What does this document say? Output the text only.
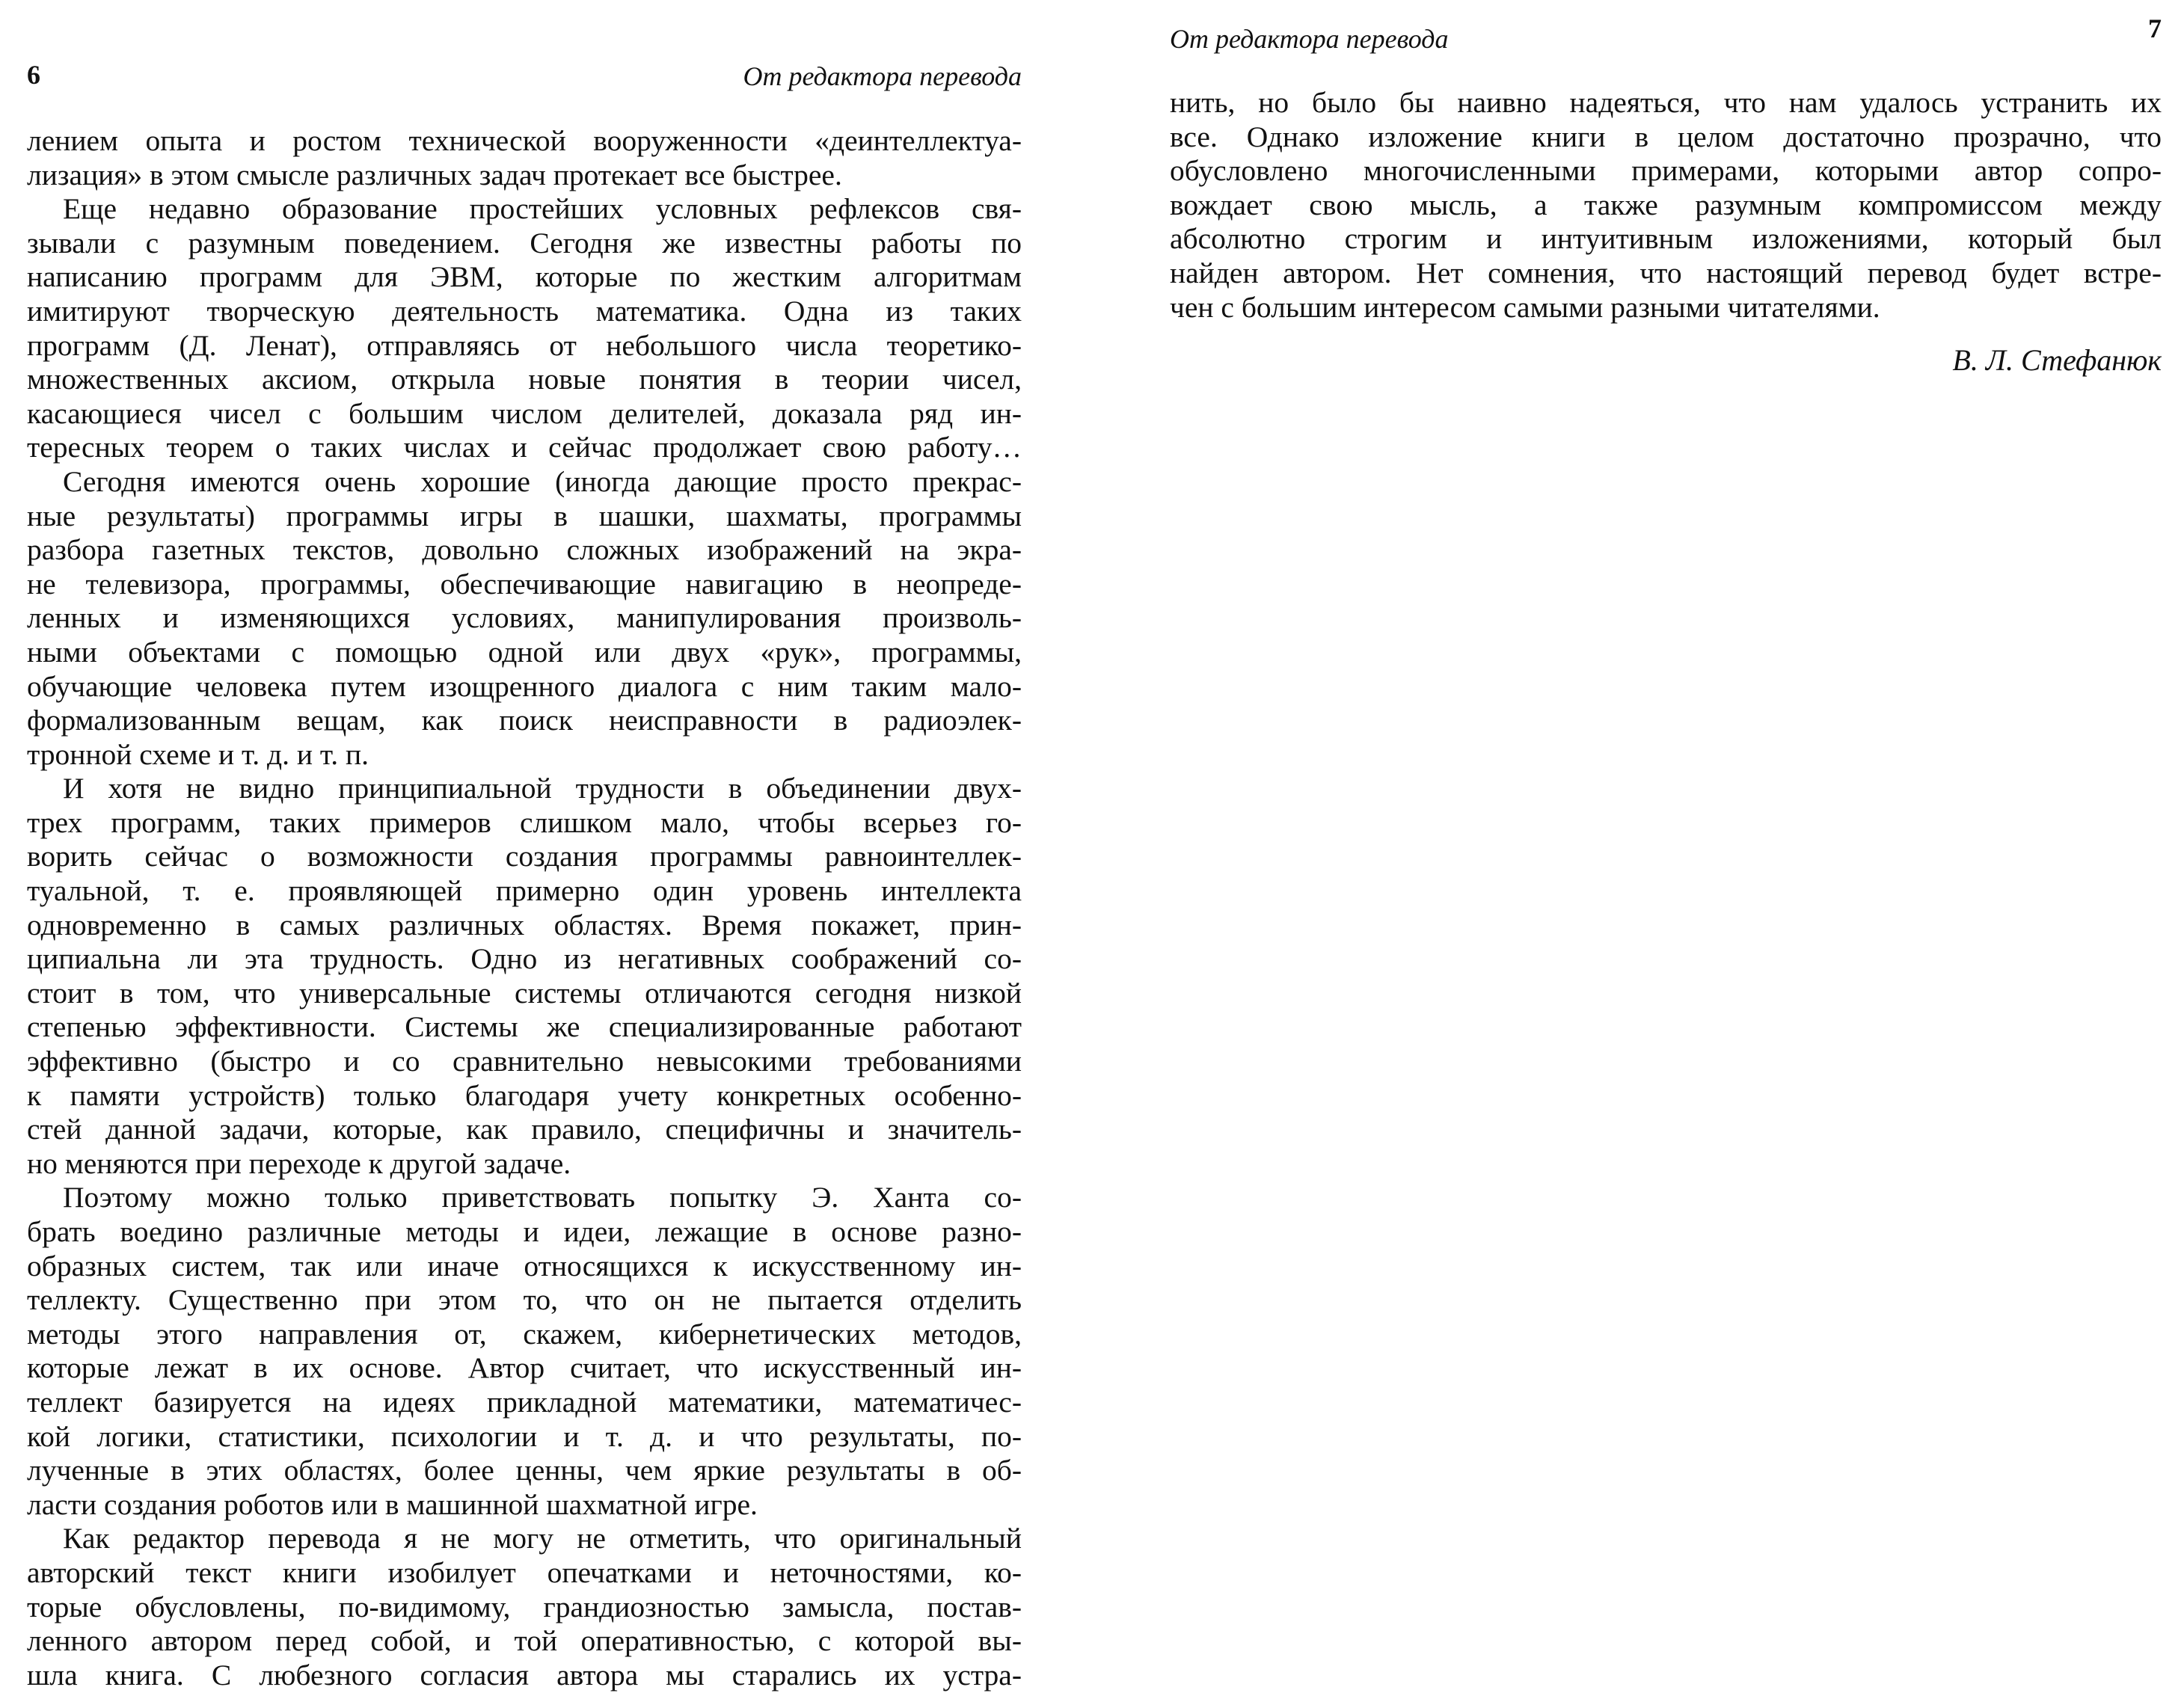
6	От редактора перевода
лением опыта и ростом технической вооруженности «деинтеллектуа-
лизация» в этом смысле различных задач протекает все быстрее.
Еще недавно образование простейших условных рефлексов свя-
зывали с разумным поведением. Сегодня же известны работы по
написанию программ для ЭВМ, которые по жестким алгоритмам
имитируют творческую деятельность математика. Одна из таких
программ (Д. Ленат), отправляясь от небольшого числа теоретико-
множественных аксиом, открыла новые понятия в теории чисел,
касающиеся чисел с большим числом делителей, доказала ряд ин-
тересных теорем о таких числах и сейчас продолжает свою работу…
Сегодня имеются очень хорошие (иногда дающие просто прекрас-
ные результаты) программы игры в шашки, шахматы, программы
разбора газетных текстов, довольно сложных изображений на экра-
не телевизора, программы, обеспечивающие навигацию в неопреде-
ленных и изменяющихся условиях, манипулирования произволь-
ными объектами с помощью одной или двух «рук», программы,
обучающие человека путем изощренного диалога с ним таким мало-
формализованным вещам, как поиск неисправности в радиоэлек-
тронной схеме и т. д. и т. п.
И хотя не видно принципиальной трудности в объединении двух-
трех программ, таких примеров слишком мало, чтобы всерьез го-
ворить сейчас о возможности создания программы равноинтеллек-
туальной, т. е. проявляющей примерно один уровень интеллекта
одновременно в самых различных областях. Время покажет, прин-
ципиальна ли эта трудность. Одно из негативных соображений со-
стоит в том, что универсальные системы отличаются сегодня низкой
степенью эффективности. Системы же специализированные работают
эффективно (быстро и со сравнительно невысокими требованиями
к памяти устройств) только благодаря учету конкретных особенно-
стей данной задачи, которые, как правило, специфичны и значитель-
но меняются при переходе к другой задаче.
Поэтому можно только приветствовать попытку Э. Ханта со-
брать воедино различные методы и идеи, лежащие в основе разно-
образных систем, так или иначе относящихся к искусственному ин-
теллекту. Существенно при этом то, что он не пытается отделить
методы этого направления от, скажем, кибернетических методов,
которые лежат в их основе. Автор считает, что искусственный ин-
теллект базируется на идеях прикладной математики, математичес-
кой логики, статистики, психологии и т. д. и что результаты, по-
лученные в этих областях, более ценны, чем яркие результаты в об-
ласти создания роботов или в машинной шахматной игре.
Как редактор перевода я не могу не отметить, что оригинальный
авторский текст книги изобилует опечатками и неточностями, ко-
торые обусловлены, по-видимому, грандиозностью замысла, постав-
ленного автором перед собой, и той оперативностью, с которой вы-
шла книга. С любезного согласия автора мы старались их устра-
От редактора перевода	7
нить, но было бы наивно надеяться, что нам удалось устранить их
все. Однако изложение книги в целом достаточно прозрачно, что
обусловлено многочисленными примерами, которыми автор сопро-
вождает свою мысль, а также разумным компромиссом между
абсолютно строгим и интуитивным изложениями, который был
найден автором. Нет сомнения, что настоящий перевод будет встре-
чен с большим интересом самыми разными читателями.
В. Л. Стефанюк
